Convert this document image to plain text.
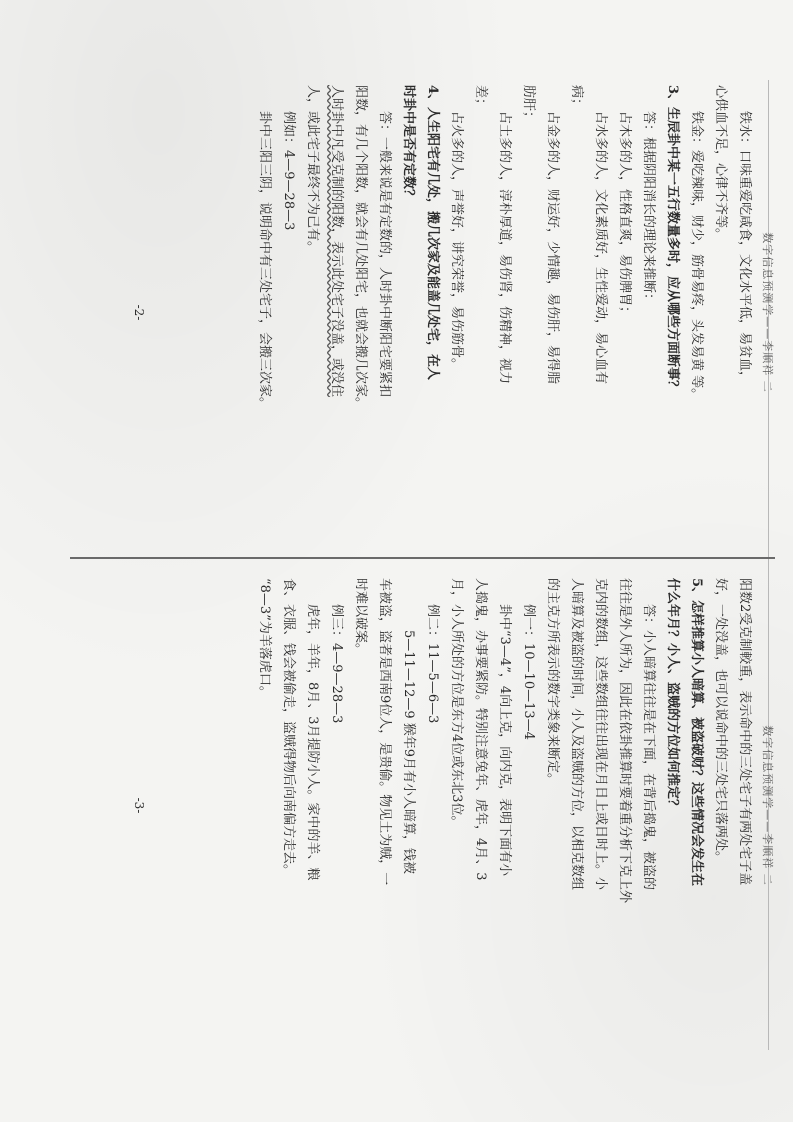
数字信息预测学——李顺祥 二

铁水：口味重爱吃咸食，文化水平低，易贫血，

心供血不足，心律不齐等。

铁金：爱吃辣味，财少，筋骨易疼，头发易黄 等。

3、生辰卦中某一五行数量多时，应从哪些方面断事？

答：根据阴阳消长的理论来推断：

占木多的人，性格直爽，易伤脾胃；

占水多的人，文化素质好，生性爱动，易心血有

病；

占金多的人，财运好，少情趣，易伤肝，易得脂

肪肝；

占土多的人，淳朴厚道，易伤肾，伤精神，视力

差；

占火多的人，声誉好，讲究荣誉，易伤筋骨。

4、人生阳宅有几处，搬几次家及能盖几处宅，在人

时卦中是否有定数？

答：一般来说是有定数的，人时卦中断阳宅要紧扣

阳数，有几个阳数，就会有几处阳宅，也就会搬几次家。

人时卦中凡受克制的阳数，表示此处宅子没盖，或没住

人，或此宅子最终不为己有。

例如：4—9—28—3

卦中三阳三阴，说明命中有三处宅子，会搬三次家。

-2-
数字信息预测学——李顺祥 二

阳数2受克制較重，表示命中的三处宅子有两处宅子盖

好，一处没盖，也可以说命中的三处宅只落两处。

5、怎样推算小人暗算、被盗破财？这些情况会发生在

什么年月？小人、盗贼的方位如何推定？

答：小人暗算往往是在下面，在背后捣鬼，被盗的

往往是外人所为，因此在依卦推算时要着重分析下克上外

克内的数组，这些数组往往出现在月日上或日时上。小

人暗算及被盗的时间，小人及盗贼的方位，以相克数组

的主克方所表示的数字类象来断定。

例一：10—10—13—4

卦中“3—4”，4向上克，向内克，表明下面有小

人捣鬼，办事要紧防。特别注意兔年、虎年，4月、3

月，小人所处的方位是东方4位或东北3位。

例二：11—5—6—3

5—11—12—9 猴年9月有小人暗算，钱被

车被盗，盗者是西南9位人，是贵偷。物见土为贼，一

时难以破案。

例三：4—9—28—3

虎年，羊年，8月、3月提防小人。家中的羊、粮

食、衣服、钱会被偷走，盗贼得物后向南偏方走去。

“8—3”为羊落虎口。

-3-
